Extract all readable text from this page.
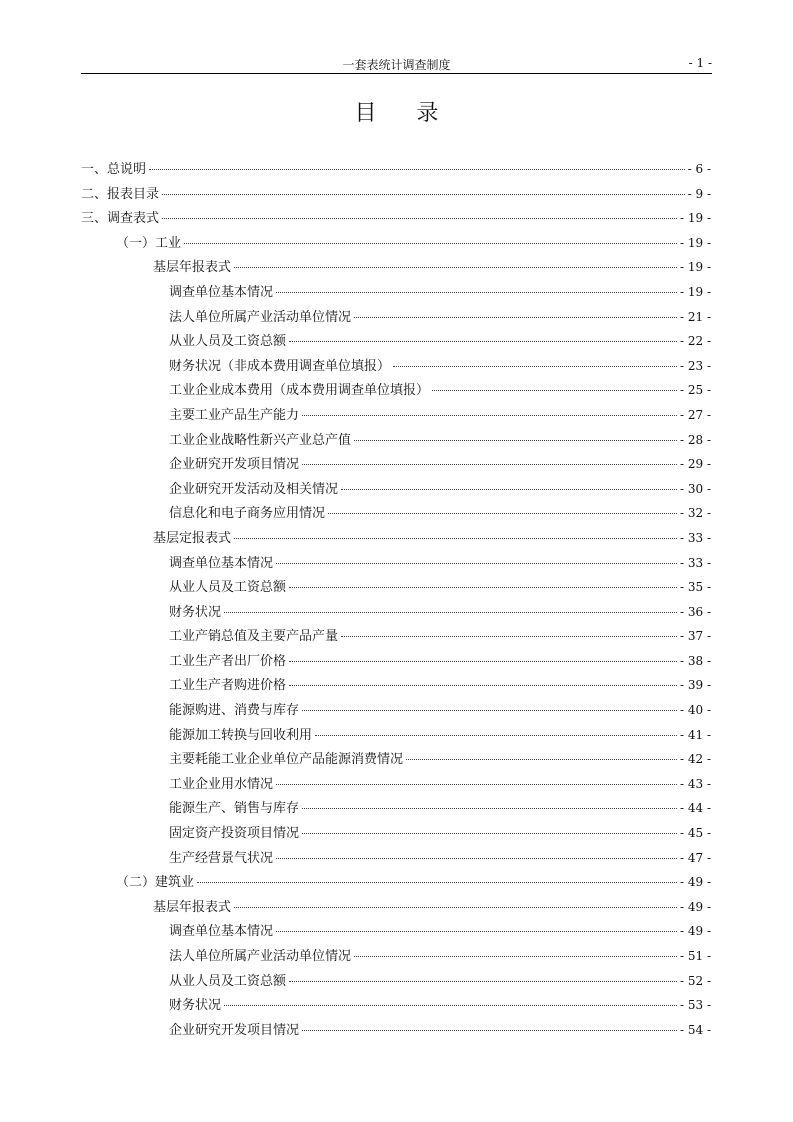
一套表统计调查制度	- 1 -
目录
一、总说明	- 6 -
二、报表目录	- 9 -
三、调查表式	- 19 -
（一）工业	- 19 -
基层年报表式	- 19 -
调查单位基本情况	- 19 -
法人单位所属产业活动单位情况	- 21 -
从业人员及工资总额	- 22 -
财务状况（非成本费用调查单位填报）	- 23 -
工业企业成本费用（成本费用调查单位填报）	- 25 -
主要工业产品生产能力	- 27 -
工业企业战略性新兴产业总产值	- 28 -
企业研究开发项目情况	- 29 -
企业研究开发活动及相关情况	- 30 -
信息化和电子商务应用情况	- 32 -
基层定报表式	- 33 -
调查单位基本情况	- 33 -
从业人员及工资总额	- 35 -
财务状况	- 36 -
工业产销总值及主要产品产量	- 37 -
工业生产者出厂价格	- 38 -
工业生产者购进价格	- 39 -
能源购进、消费与库存	- 40 -
能源加工转换与回收利用	- 41 -
主要耗能工业企业单位产品能源消费情况	- 42 -
工业企业用水情况	- 43 -
能源生产、销售与库存	- 44 -
固定资产投资项目情况	- 45 -
生产经营景气状况	- 47 -
（二）建筑业	- 49 -
基层年报表式	- 49 -
调查单位基本情况	- 49 -
法人单位所属产业活动单位情况	- 51 -
从业人员及工资总额	- 52 -
财务状况	- 53 -
企业研究开发项目情况	- 54 -
